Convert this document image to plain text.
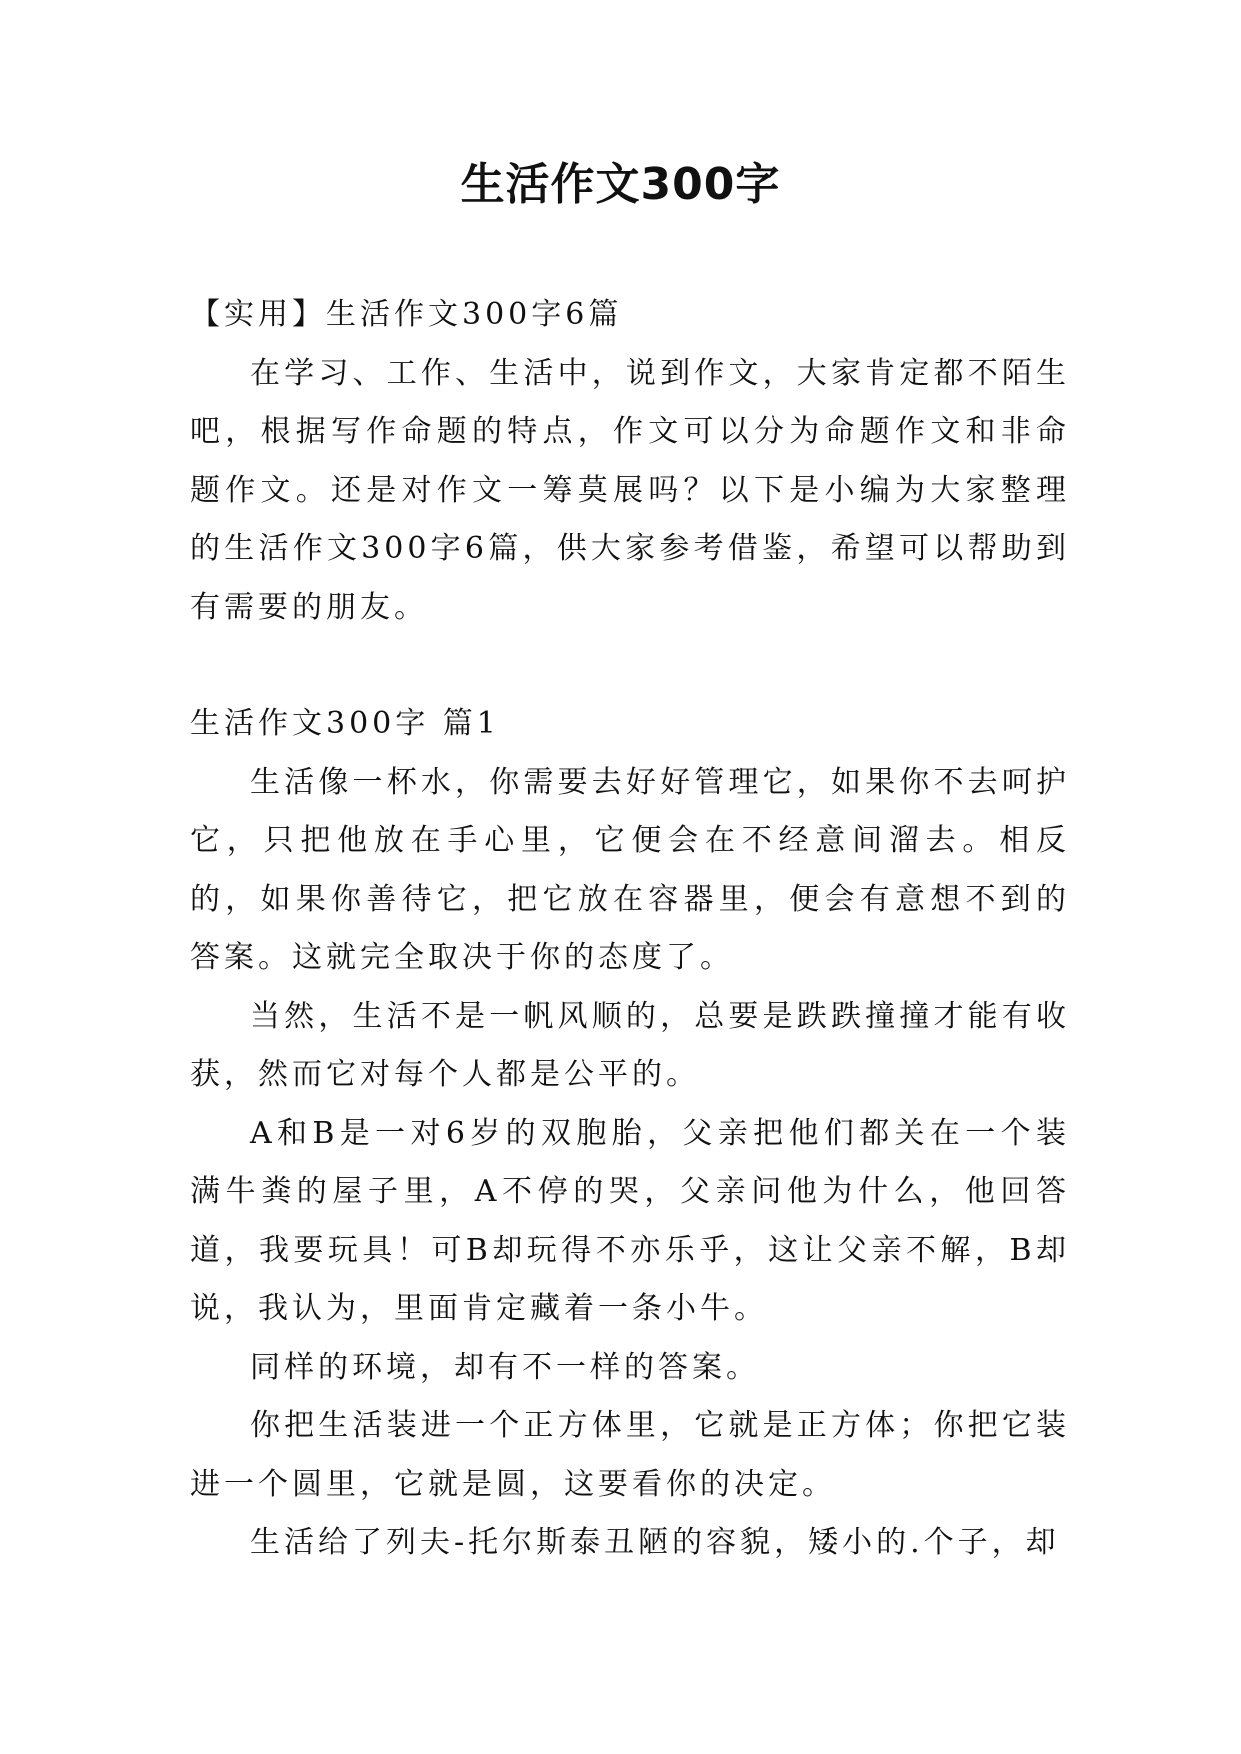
生活作文300字

【实用】生活作文300字6篇

在学习、工作、生活中，说到作文，大家肯定都不陌生吧，根据写作命题的特点，作文可以分为命题作文和非命题作文。还是对作文一筹莫展吗？以下是小编为大家整理的生活作文300字6篇，供大家参考借鉴，希望可以帮助到有需要的朋友。

生活作文300字 篇1

生活像一杯水，你需要去好好管理它，如果你不去呵护它，只把他放在手心里，它便会在不经意间溜去。相反的，如果你善待它，把它放在容器里，便会有意想不到的答案。这就完全取决于你的态度了。

当然，生活不是一帆风顺的，总要是跌跌撞撞才能有收获，然而它对每个人都是公平的。

A和B是一对6岁的双胞胎，父亲把他们都关在一个装满牛粪的屋子里，A不停的哭，父亲问他为什么，他回答道，我要玩具！可B却玩得不亦乐乎，这让父亲不解，B却说，我认为，里面肯定藏着一条小牛。

同样的环境，却有不一样的答案。

你把生活装进一个正方体里，它就是正方体；你把它装进一个圆里，它就是圆，这要看你的决定。

生活给了列夫-托尔斯泰丑陋的容貌，矮小的.个子，却
